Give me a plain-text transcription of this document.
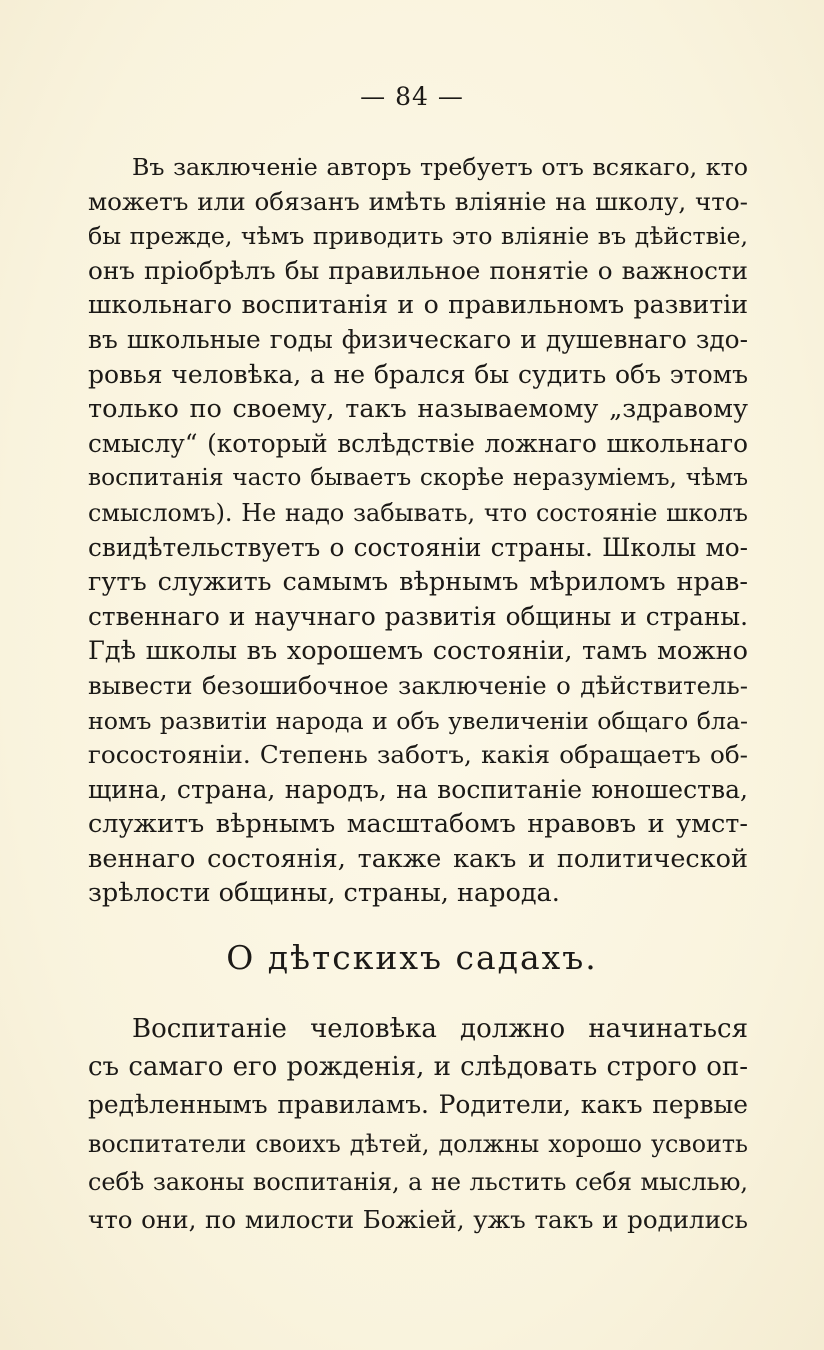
— 84 —
Въ заключеніе авторъ требуетъ отъ всякаго, кто
можетъ или обязанъ имѣть вліяніе на школу, что-
бы прежде, чѣмъ приводить это вліяніе въ дѣйствіе,
онъ пріобрѣлъ бы правильное понятіе о важности
школьнаго воспитанія и о правильномъ развитіи
въ школьные годы физическаго и душевнаго здо-
ровья человѣка, а не брался бы судить объ этомъ
только по своему, такъ называемому „здравому
смыслу“ (который вслѣдствіе ложнаго школьнаго
воспитанія часто бываетъ скорѣе неразуміемъ, чѣмъ
смысломъ). Не надо забывать, что состояніе школъ
свидѣтельствуетъ о состояніи страны. Школы мо-
гутъ служить самымъ вѣрнымъ мѣриломъ нрав-
ственнаго и научнаго развитія общины и страны.
Гдѣ школы въ хорошемъ состояніи, тамъ можно
вывести безошибочное заключеніе о дѣйствитель-
номъ развитіи народа и объ увеличеніи общаго бла-
госостояніи. Степень заботъ, какія обращаетъ об-
щина, страна, народъ, на воспитаніе юношества,
служитъ вѣрнымъ масштабомъ нравовъ и умст-
веннаго состоянія, также какъ и политической
зрѣлости общины, страны, народа.
О дѣтскихъ садахъ.
Воспитаніе человѣка должно начинаться
съ самаго его рожденія, и слѣдовать строго оп-
редѣленнымъ правиламъ. Родители, какъ первые
воспитатели своихъ дѣтей, должны хорошо усвоить
себѣ законы воспитанія, а не льстить себя мыслью,
что они, по милости Божіей, ужъ такъ и родились
